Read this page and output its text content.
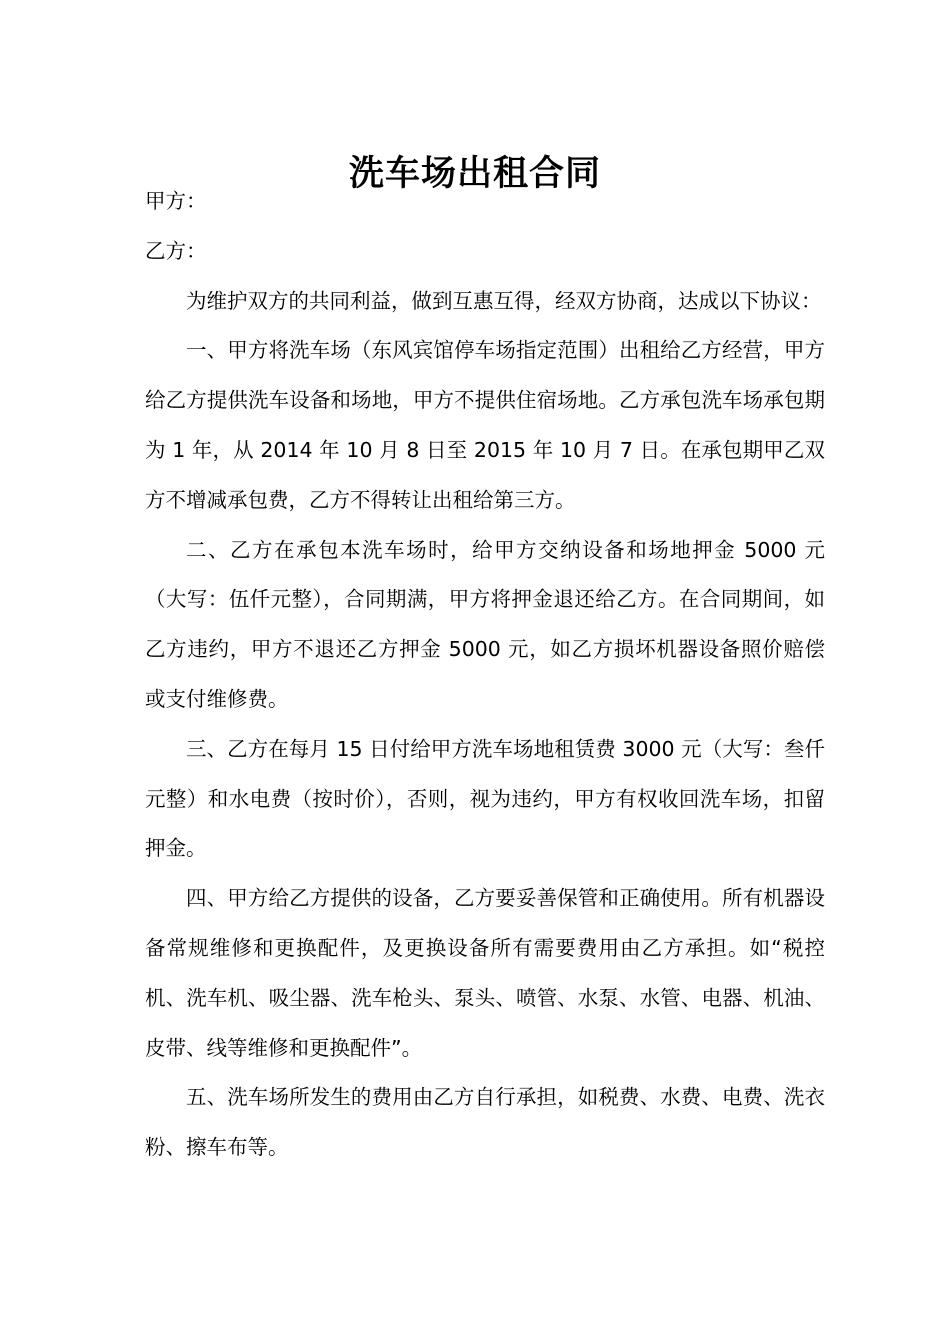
洗车场出租合同

甲方：

乙方：

为维护双方的共同利益，做到互惠互得，经双方协商，达成以下协议：

一、甲方将洗车场（东风宾馆停车场指定范围）出租给乙方经营，甲方给乙方提供洗车设备和场地，甲方不提供住宿场地。乙方承包洗车场承包期为 1 年，从 2014 年 10 月 8 日至 2015 年 10 月 7 日。在承包期甲乙双方不增减承包费，乙方不得转让出租给第三方。

二、乙方在承包本洗车场时，给甲方交纳设备和场地押金 5000 元（大写：伍仟元整），合同期满，甲方将押金退还给乙方。在合同期间，如乙方违约，甲方不退还乙方押金 5000 元，如乙方损坏机器设备照价赔偿或支付维修费。

三、乙方在每月 15 日付给甲方洗车场地租赁费 3000 元（大写：叁仟元整）和水电费（按时价），否则，视为违约，甲方有权收回洗车场，扣留押金。

四、甲方给乙方提供的设备，乙方要妥善保管和正确使用。所有机器设备常规维修和更换配件，及更换设备所有需要费用由乙方承担。如“税控机、洗车机、吸尘器、洗车枪头、泵头、喷管、水泵、水管、电器、机油、皮带、线等维修和更换配件”。

五、洗车场所发生的费用由乙方自行承担，如税费、水费、电费、洗衣粉、擦车布等。
